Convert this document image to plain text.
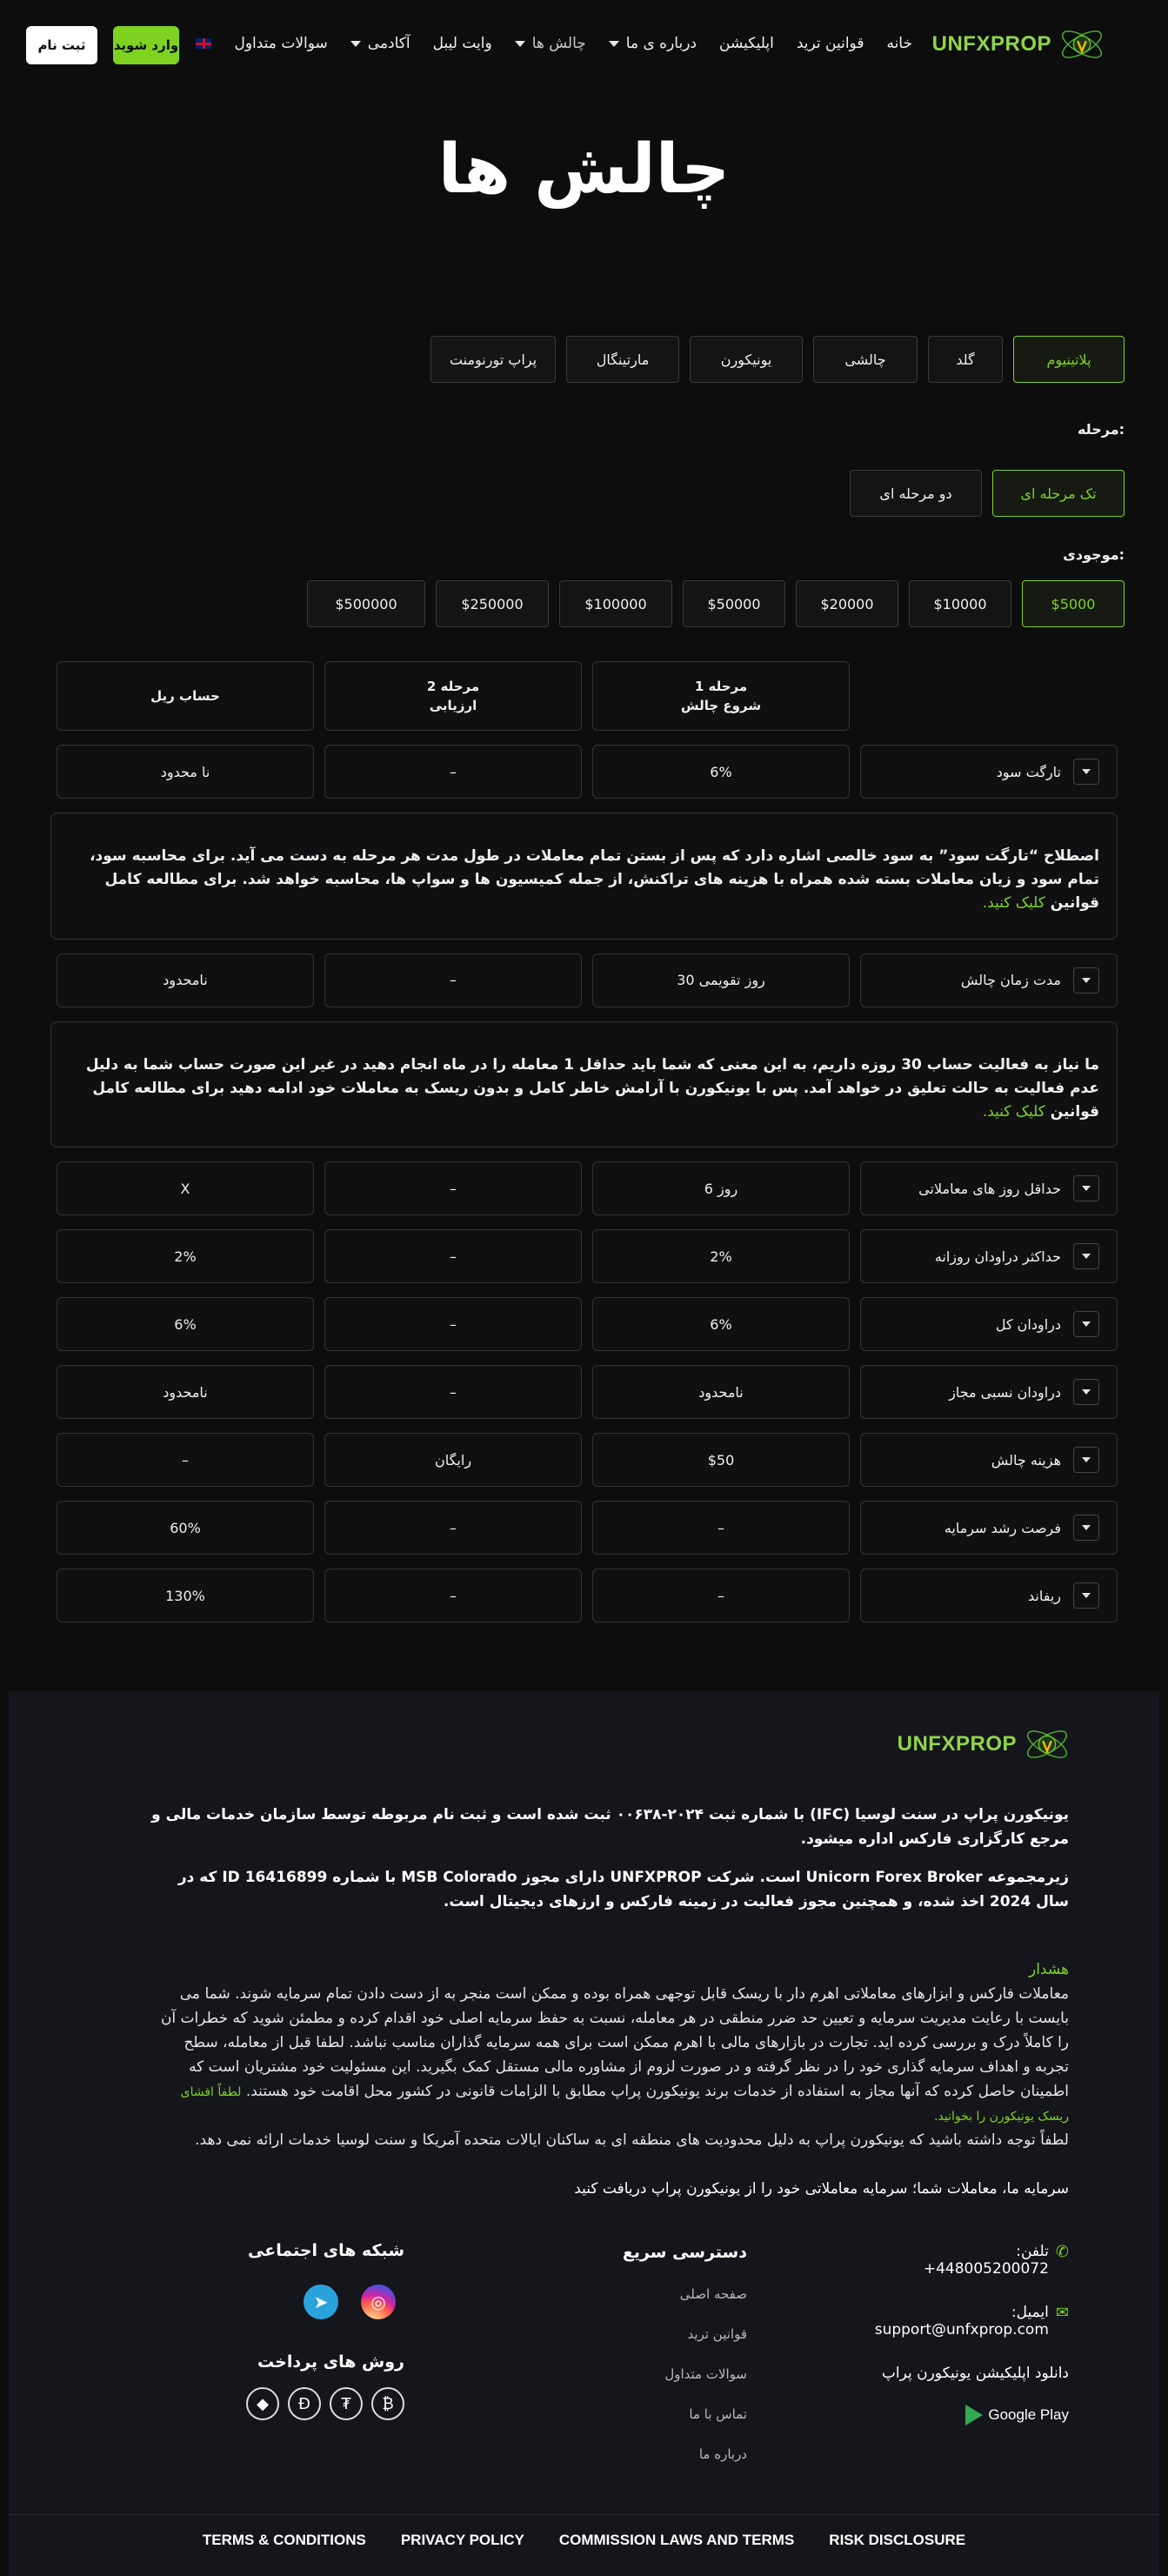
UNFXPROP
خانه
قوانین ترید
اپلیکیشن
درباره ی ما
چالش ها
وایت لیبل
آکادمی
سوالات متداول
وارد شوید
ثبت نام
چالش ها
پلاتینیوم
گلد
چالشی
یونیکورن
مارتینگال
پراپ تورنومنت
مرحله:
تک مرحله ای
دو مرحله ای
موجودی:
$5000
$10000
$20000
$50000
$100000
$250000
$500000
مرحله 1
شروع چالش
مرحله 2
ارزیابی
حساب ریل
تارگت سود
6%
–
نا محدود
اصطلاح “تارگت سود” به سود خالصی اشاره دارد که پس از بستن تمام معاملات در طول مدت هر مرحله به دست می آید. برای محاسبه سود، تمام سود و زیان معاملات بسته شده همراه با هزینه های تراکنش، از جمله کمیسیون ها و سواپ ها، محاسبه خواهد شد. برای مطالعه کامل قوانین کلیک کنید.
مدت زمان چالش
30 روز تقویمی
–
نامحدود
ما نیاز به فعالیت حساب 30 روزه داریم، به این معنی که شما باید حداقل 1 معامله را در ماه انجام دهید در غیر این صورت حساب شما به دلیل عدم فعالیت به حالت تعلیق در خواهد آمد. پس با یونیکورن با آرامش خاطر کامل و بدون ریسک به معاملات خود ادامه دهید برای مطالعه کامل قوانین کلیک کنید.
حداقل روز های معاملاتی
6 روز
–
X
حداکثر دراودان روزانه
2%
–
2%
دراودان کل
6%
–
6%
دراودان نسبی مجاز
نامحدود
–
نامحدود
هزینه چالش
$50
رایگان
–
فرصت رشد سرمایه
–
–
60%
ریفاند
–
–
130%
UNFXPROP
یونیکورن پراپ در سنت لوسیا (IFC) با شماره ثبت ۲۰۲۴-۰۰۶۳۸ ثبت شده است و ثبت نام مربوطه توسط سازمان خدمات مالی و مرجع کارگزاری فارکس اداره میشود.
زیرمجموعه Unicorn Forex Broker است. شرکت UNFXPROP دارای مجوز MSB Colorado با شماره ID 16416899 که در سال 2024 اخذ شده، و همچنین مجوز فعالیت در زمینه فارکس و ارزهای دیجیتال است.
هشدار
معاملات فارکس و ابزارهای معاملاتی اهرم دار با ریسک قابل توجهی همراه بوده و ممکن است منجر به از دست دادن تمام سرمایه شوند. شما می بایست با رعایت مدیریت سرمایه و تعیین حد ضرر منطقی در هر معامله، نسبت به حفظ سرمایه اصلی خود اقدام کرده و مطمئن شوید که خطرات آن را کاملاً درک و بررسی کرده اید. تجارت در بازارهای مالی با اهرم ممکن است برای همه سرمایه گذاران مناسب نباشد. لطفا قبل از معامله، سطح تجربه و اهداف سرمایه گذاری خود را در نظر گرفته و در صورت لزوم از مشاوره مالی مستقل کمک بگیرید. این مسئولیت خود مشتریان است که اطمینان حاصل کرده که آنها مجاز به استفاده از خدمات برند یونیکورن پراپ مطابق با الزامات قانونی در کشور محل اقامت خود هستند. لطفاً افشای ریسک یونیکورن را بخوانید.
لطفاً توجه داشته باشید که یونیکورن پراپ به دلیل محدودیت های منطقه ای به ساکنان ایالات متحده آمریکا و سنت لوسیا خدمات ارائه نمی دهد.
سرمایه ما، معاملات شما؛ سرمایه معاملاتی خود را از یونیکورن پراپ دریافت کنید
✆
تلفن:
+448005200072
✉
ایمیل:
support@unfxprop.com
دانلود اپلیکیشن یونیکورن پراپ
Google Play
دسترسی سریع
صفحه اصلی
قوانین ترید
سوالات متداول
تماس با ما
درباره ما
شبکه های اجتماعی
◎
➤
روش های پرداخت
₿
₮
Ð
◆
TERMS & CONDITIONS PRIVACY POLICY COMMISSION LAWS AND TERMS RISK DISCLOSURE
